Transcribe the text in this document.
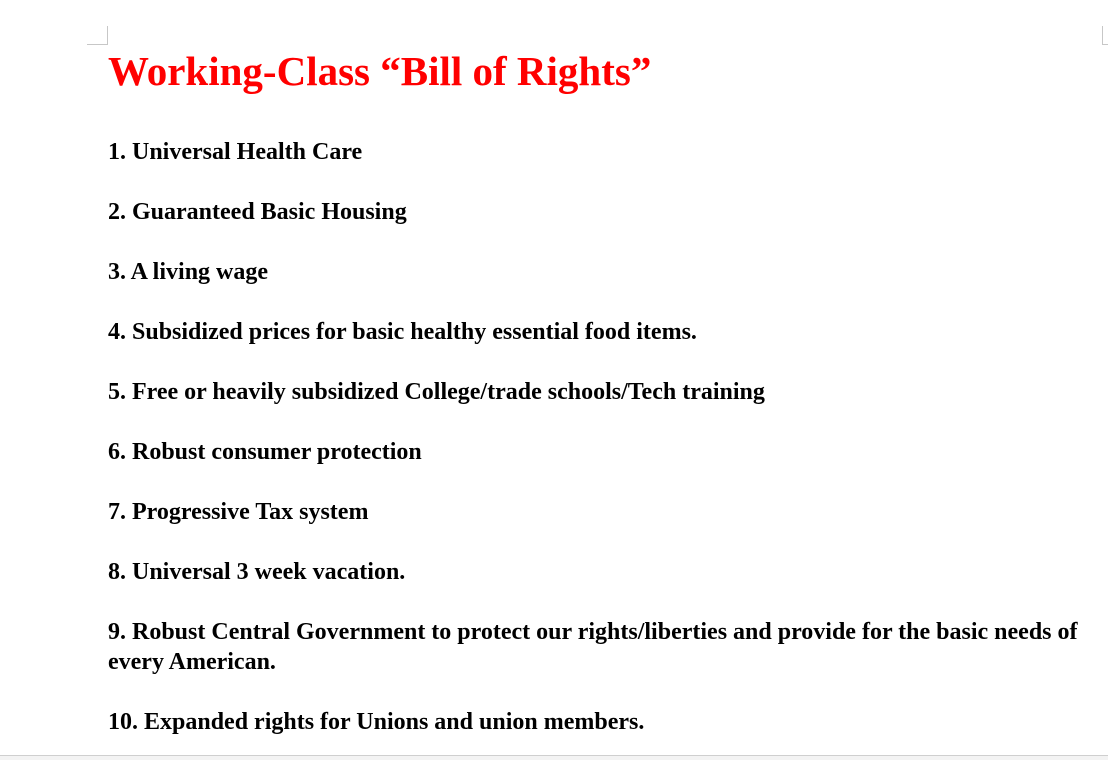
Working-Class “Bill of Rights”
1. Universal Health Care
2. Guaranteed Basic Housing
3. A living wage
4. Subsidized prices for basic healthy essential food items.
5. Free or heavily subsidized College/trade schools/Tech training
6. Robust consumer protection
7. Progressive Tax system
8. Universal 3 week vacation.
9. Robust Central Government to protect our rights/liberties and provide for the basic needs of every American.
10. Expanded rights for Unions and union members.
